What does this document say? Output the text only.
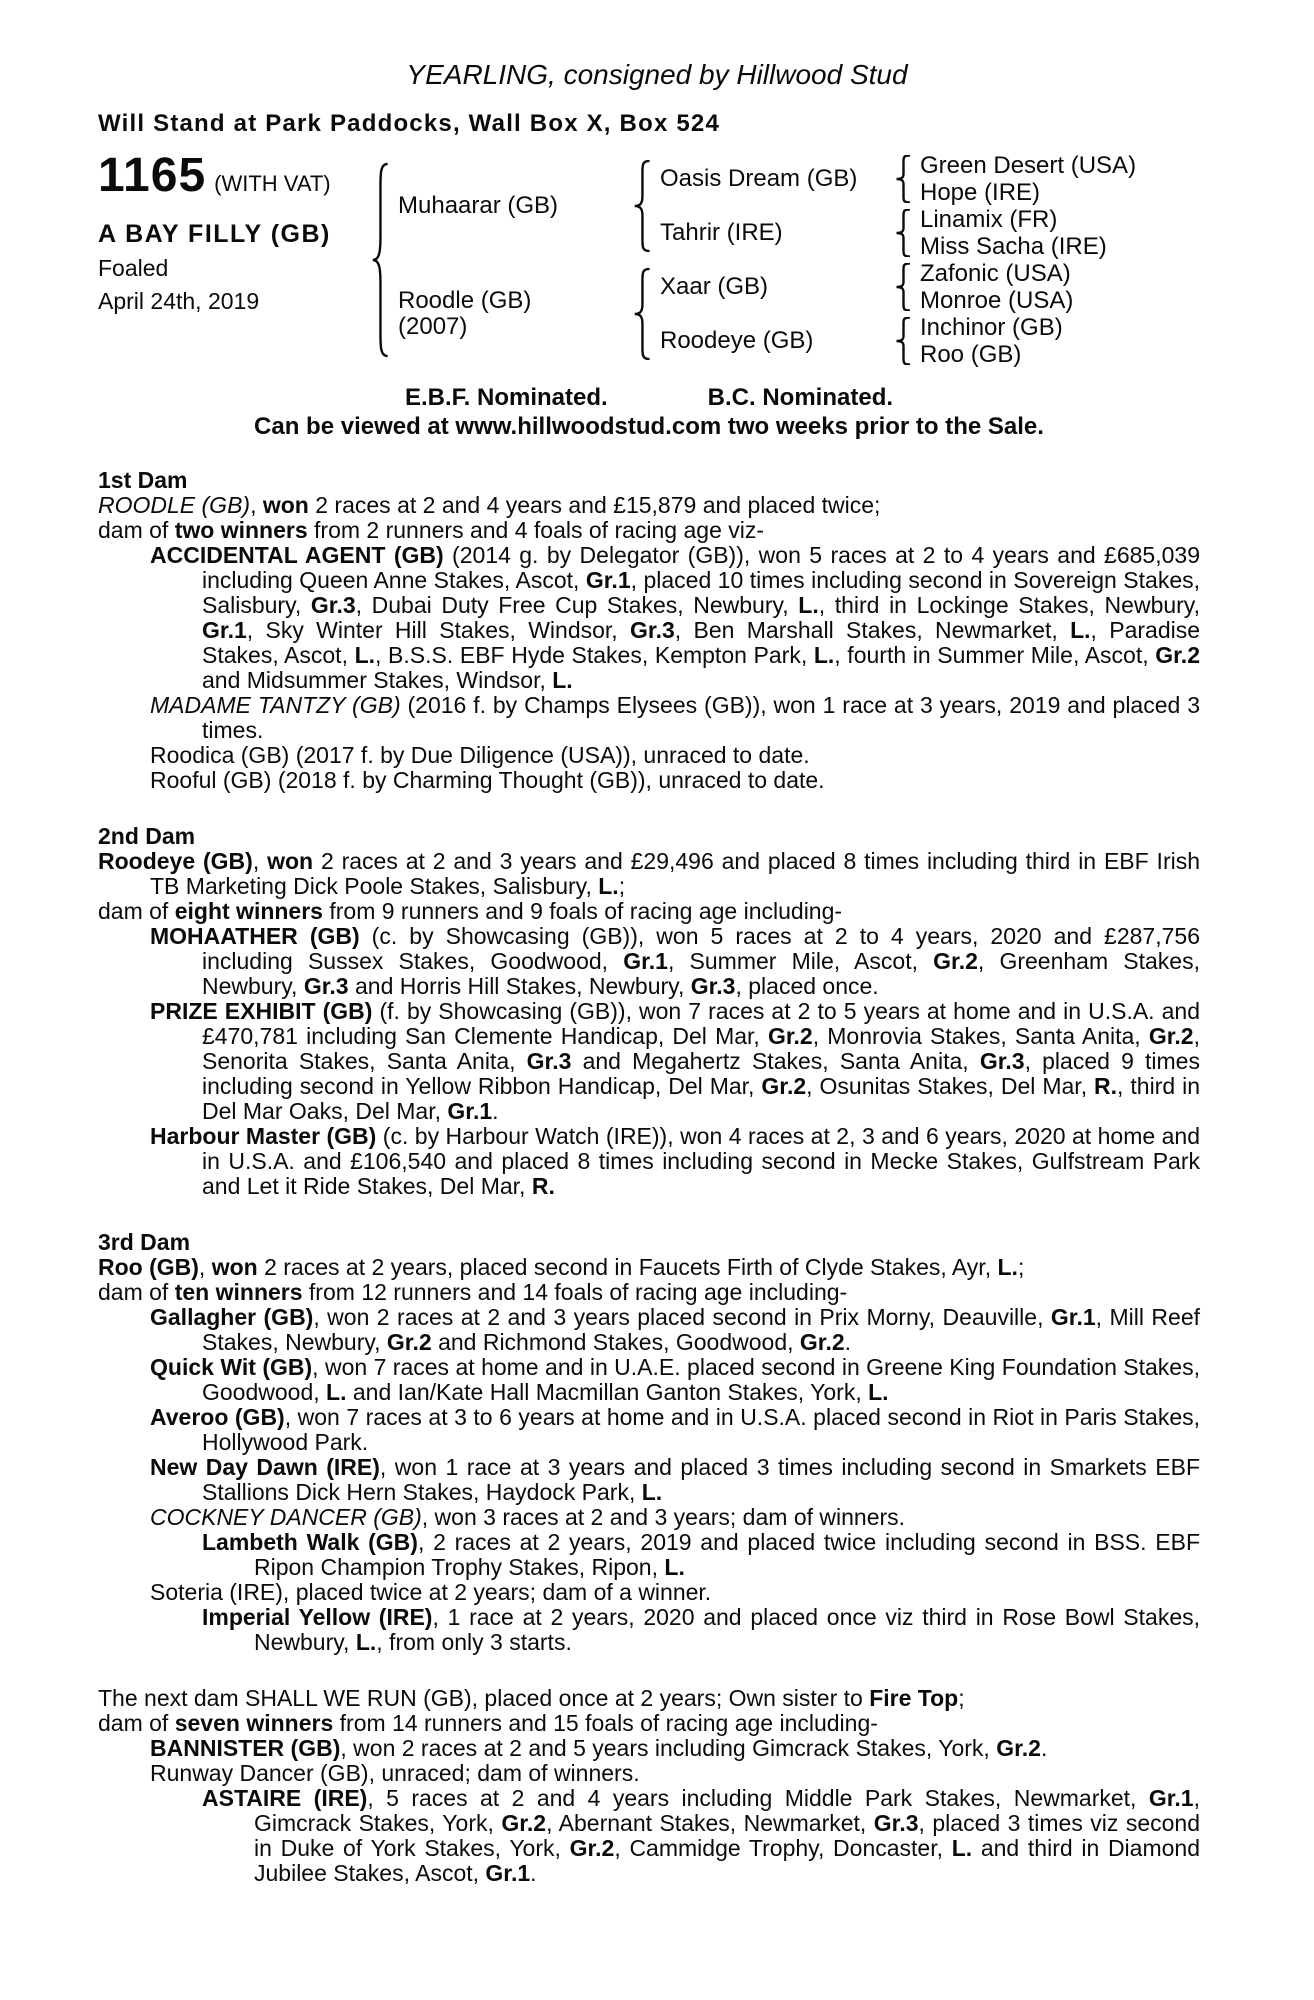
YEARLING, consigned by Hillwood Stud
Will Stand at Park Paddocks, Wall Box X, Box 524
1165 (WITH VAT)
A BAY FILLY (GB)
Foaled
April 24th, 2019
Muhaarar (GB)
Roodle (GB)
(2007)
Oasis Dream (GB)
Tahrir (IRE)
Xaar (GB)
Roodeye (GB)
Green Desert (USA)
Hope (IRE)
Linamix (FR)
Miss Sacha (IRE)
Zafonic (USA)
Monroe (USA)
Inchinor (GB)
Roo (GB)
E.B.F. Nominated.	B.C. Nominated.
Can be viewed at www.hillwoodstud.com two weeks prior to the Sale.
1st Dam

ROODLE (GB), won 2 races at 2 and 4 years and £15,879 and placed twice;

dam of two winners from 2 runners and 4 foals of racing age viz-

ACCIDENTAL AGENT (GB) (2014 g. by Delegator (GB)), won 5 races at 2 to 4 years and £685,039 including Queen Anne Stakes, Ascot, Gr.1, placed 10 times including second in Sovereign Stakes, Salisbury, Gr.3, Dubai Duty Free Cup Stakes, Newbury, L., third in Lockinge Stakes, Newbury, Gr.1, Sky Winter Hill Stakes, Windsor, Gr.3, Ben Marshall Stakes, Newmarket, L., Paradise Stakes, Ascot, L., B.S.S. EBF Hyde Stakes, Kempton Park, L., fourth in Summer Mile, Ascot, Gr.2 and Midsummer Stakes, Windsor, L.

MADAME TANTZY (GB) (2016 f. by Champs Elysees (GB)), won 1 race at 3 years, 2019 and placed 3 times.

Roodica (GB) (2017 f. by Due Diligence (USA)), unraced to date.

Rooful (GB) (2018 f. by Charming Thought (GB)), unraced to date.

2nd Dam

Roodeye (GB), won 2 races at 2 and 3 years and £29,496 and placed 8 times including third in EBF Irish TB Marketing Dick Poole Stakes, Salisbury, L.;

dam of eight winners from 9 runners and 9 foals of racing age including-

MOHAATHER (GB) (c. by Showcasing (GB)), won 5 races at 2 to 4 years, 2020 and £287,756 including Sussex Stakes, Goodwood, Gr.1, Summer Mile, Ascot, Gr.2, Greenham Stakes, Newbury, Gr.3 and Horris Hill Stakes, Newbury, Gr.3, placed once.

PRIZE EXHIBIT (GB) (f. by Showcasing (GB)), won 7 races at 2 to 5 years at home and in U.S.A. and £470,781 including San Clemente Handicap, Del Mar, Gr.2, Monrovia Stakes, Santa Anita, Gr.2, Senorita Stakes, Santa Anita, Gr.3 and Megahertz Stakes, Santa Anita, Gr.3, placed 9 times including second in Yellow Ribbon Handicap, Del Mar, Gr.2, Osunitas Stakes, Del Mar, R., third in Del Mar Oaks, Del Mar, Gr.1.

Harbour Master (GB) (c. by Harbour Watch (IRE)), won 4 races at 2, 3 and 6 years, 2020 at home and in U.S.A. and £106,540 and placed 8 times including second in Mecke Stakes, Gulfstream Park and Let it Ride Stakes, Del Mar, R.

3rd Dam

Roo (GB), won 2 races at 2 years, placed second in Faucets Firth of Clyde Stakes, Ayr, L.;

dam of ten winners from 12 runners and 14 foals of racing age including-

Gallagher (GB), won 2 races at 2 and 3 years placed second in Prix Morny, Deauville, Gr.1, Mill Reef Stakes, Newbury, Gr.2 and Richmond Stakes, Goodwood, Gr.2.

Quick Wit (GB), won 7 races at home and in U.A.E. placed second in Greene King Foundation Stakes, Goodwood, L. and Ian/Kate Hall Macmillan Ganton Stakes, York, L.

Averoo (GB), won 7 races at 3 to 6 years at home and in U.S.A. placed second in Riot in Paris Stakes, Hollywood Park.

New Day Dawn (IRE), won 1 race at 3 years and placed 3 times including second in Smarkets EBF Stallions Dick Hern Stakes, Haydock Park, L.

COCKNEY DANCER (GB), won 3 races at 2 and 3 years; dam of winners.

Lambeth Walk (GB), 2 races at 2 years, 2019 and placed twice including second in BSS. EBF Ripon Champion Trophy Stakes, Ripon, L.

Soteria (IRE), placed twice at 2 years; dam of a winner.

Imperial Yellow (IRE), 1 race at 2 years, 2020 and placed once viz third in Rose Bowl Stakes, Newbury, L., from only 3 starts.

The next dam SHALL WE RUN (GB), placed once at 2 years; Own sister to Fire Top;

dam of seven winners from 14 runners and 15 foals of racing age including-

BANNISTER (GB), won 2 races at 2 and 5 years including Gimcrack Stakes, York, Gr.2.

Runway Dancer (GB), unraced; dam of winners.

ASTAIRE (IRE), 5 races at 2 and 4 years including Middle Park Stakes, Newmarket, Gr.1, Gimcrack Stakes, York, Gr.2, Abernant Stakes, Newmarket, Gr.3, placed 3 times viz second in Duke of York Stakes, York, Gr.2, Cammidge Trophy, Doncaster, L. and third in Diamond Jubilee Stakes, Ascot, Gr.1.
